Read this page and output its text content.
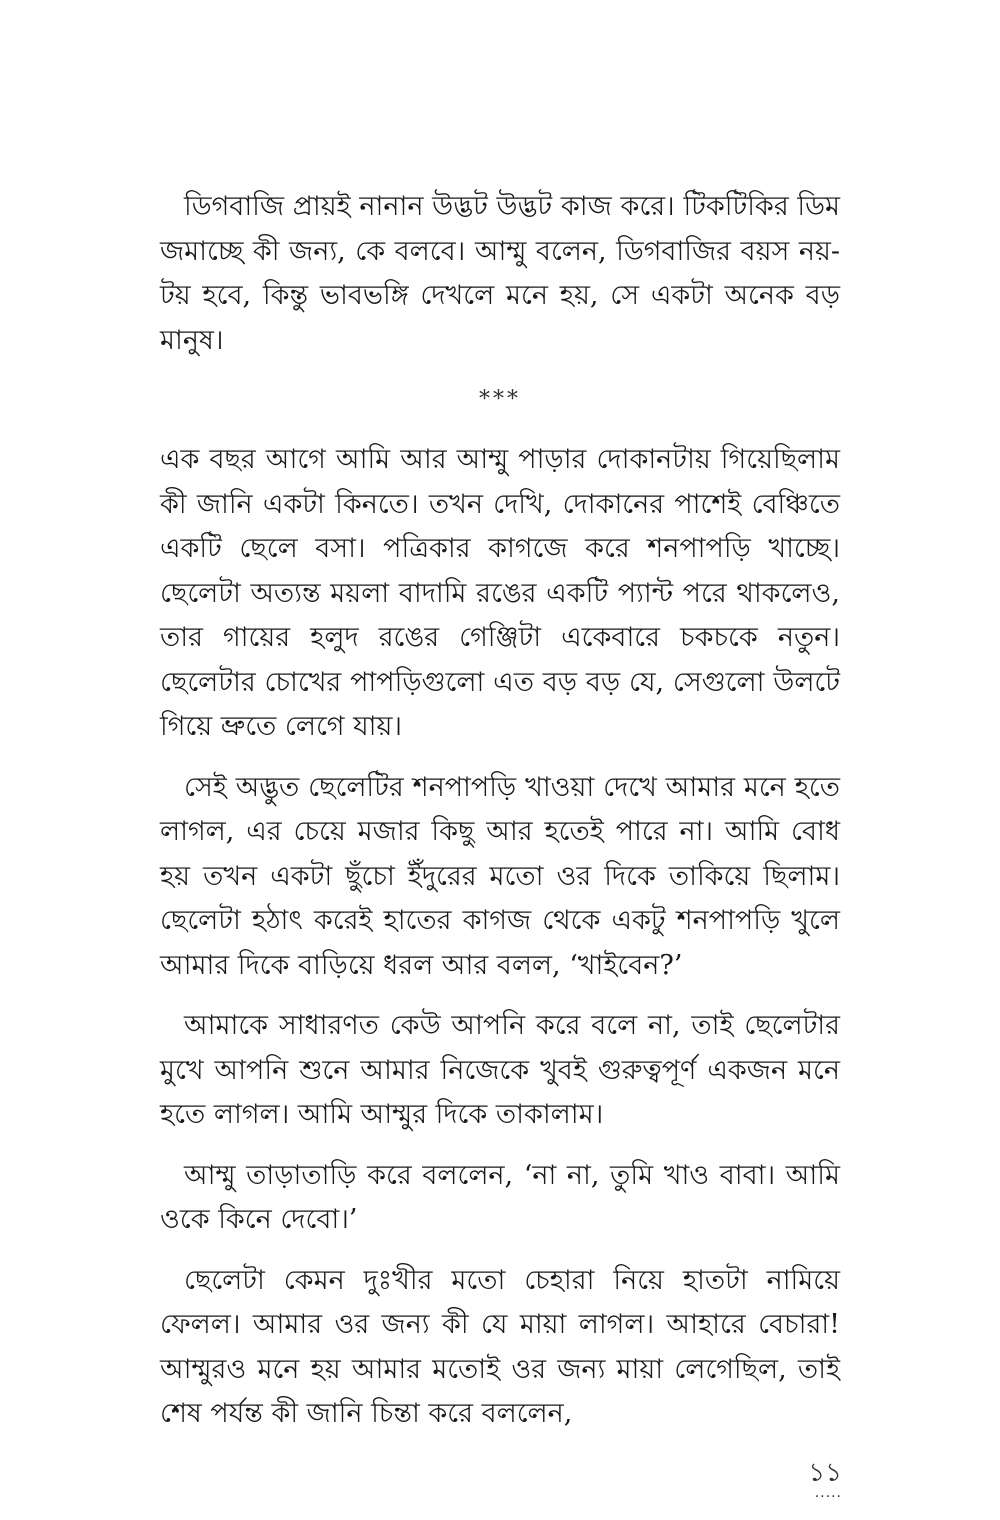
ডিগবাজি প্রায়ই নানান উদ্ভট উদ্ভট কাজ করে। টিকটিকির ডিম জমাচ্ছে কী জন্য, কে বলবে। আম্মু বলেন, ডিগবাজির বয়স নয়-টয় হবে, কিন্তু ভাবভঙ্গি দেখলে মনে হয়, সে একটা অনেক বড় মানুষ।

***

এক বছর আগে আমি আর আম্মু পাড়ার দোকানটায় গিয়েছিলাম কী জানি একটা কিনতে। তখন দেখি, দোকানের পাশেই বেঞ্চিতে একটি ছেলে বসা। পত্রিকার কাগজে করে শনপাপড়ি খাচ্ছে। ছেলেটা অত্যন্ত ময়লা বাদামি রঙের একটি প্যান্ট পরে থাকলেও, তার গায়ের হলুদ রঙের গেঞ্জিটা একেবারে চকচকে নতুন। ছেলেটার চোখের পাপড়িগুলো এত বড় বড় যে, সেগুলো উলটে গিয়ে ভ্রুতে লেগে যায়।

সেই অদ্ভুত ছেলেটির শনপাপড়ি খাওয়া দেখে আমার মনে হতে লাগল, এর চেয়ে মজার কিছু আর হতেই পারে না। আমি বোধ হয় তখন একটা ছুঁচো ইঁদুরের মতো ওর দিকে তাকিয়ে ছিলাম। ছেলেটা হঠাৎ করেই হাতের কাগজ থেকে একটু শনপাপড়ি খুলে আমার দিকে বাড়িয়ে ধরল আর বলল, ‘খাইবেন?’

আমাকে সাধারণত কেউ আপনি করে বলে না, তাই ছেলেটার মুখে আপনি শুনে আমার নিজেকে খুবই গুরুত্বপূর্ণ একজন মনে হতে লাগল। আমি আম্মুর দিকে তাকালাম।

আম্মু তাড়াতাড়ি করে বললেন, ‘না না, তুমি খাও বাবা। আমি ওকে কিনে দেবো।’

ছেলেটা কেমন দুঃখীর মতো চেহারা নিয়ে হাতটা নামিয়ে ফেলল। আমার ওর জন্য কী যে মায়া লাগল। আহারে বেচারা! আম্মুরও মনে হয় আমার মতোই ওর জন্য মায়া লেগেছিল, তাই শেষ পর্যন্ত কী জানি চিন্তা করে বললেন,

১১
.....
